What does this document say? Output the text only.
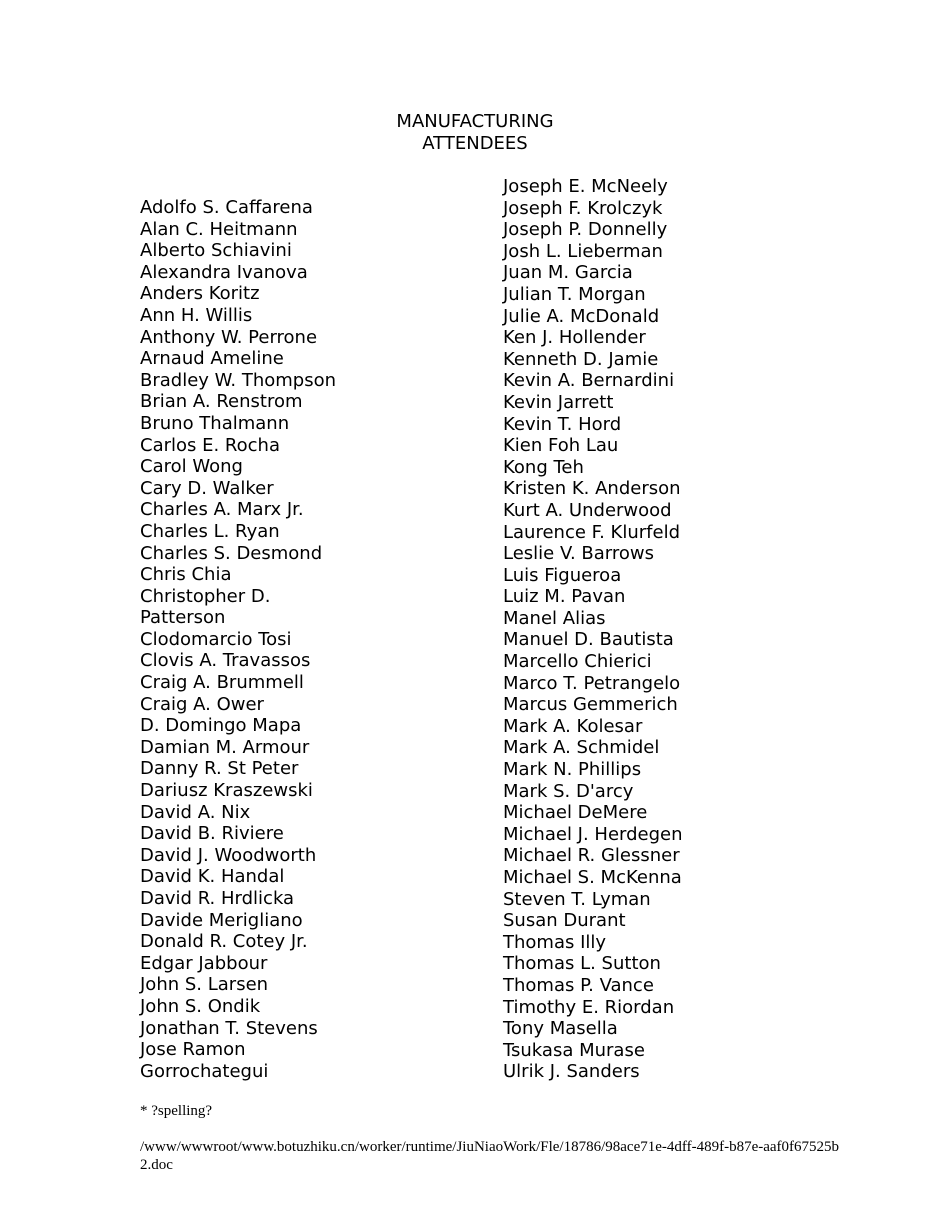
MANUFACTURING
ATTENDEES
Adolfo S. Caffarena
Alan C. Heitmann
Alberto Schiavini
Alexandra Ivanova
Anders Koritz
Ann H. Willis
Anthony W. Perrone
Arnaud Ameline
Bradley W. Thompson
Brian A. Renstrom
Bruno Thalmann
Carlos E. Rocha
Carol Wong
Cary D. Walker
Charles A. Marx Jr.
Charles L. Ryan
Charles S. Desmond
Chris Chia
Christopher D.
Patterson
Clodomarcio Tosi
Clovis A. Travassos
Craig A. Brummell
Craig A. Ower
D. Domingo Mapa
Damian M. Armour
Danny R. St Peter
Dariusz Kraszewski
David A. Nix
David B. Riviere
David J. Woodworth
David K. Handal
David R. Hrdlicka
Davide Merigliano
Donald R. Cotey Jr.
Edgar Jabbour
John S. Larsen
John S. Ondik
Jonathan T. Stevens
Jose Ramon
Gorrochategui
Joseph E. McNeely
Joseph F. Krolczyk
Joseph P. Donnelly
Josh L. Lieberman
Juan M. Garcia
Julian T. Morgan
Julie A. McDonald
Ken J. Hollender
Kenneth D. Jamie
Kevin A. Bernardini
Kevin Jarrett
Kevin T. Hord
Kien Foh Lau
Kong Teh
Kristen K. Anderson
Kurt A. Underwood
Laurence F. Klurfeld
Leslie V. Barrows
Luis Figueroa
Luiz M. Pavan
Manel Alias
Manuel D. Bautista
Marcello Chierici
Marco T. Petrangelo
Marcus Gemmerich
Mark A. Kolesar
Mark A. Schmidel
Mark N. Phillips
Mark S. D'arcy
Michael DeMere
Michael J. Herdegen
Michael R. Glessner
Michael S. McKenna
Steven T. Lyman
Susan Durant
Thomas Illy
Thomas L. Sutton
Thomas P. Vance
Timothy E. Riordan
Tony Masella
Tsukasa Murase
Ulrik J. Sanders
* ?spelling?
/www/wwwroot/www.botuzhiku.cn/worker/runtime/JiuNiaoWork/Fle/18786/98ace71e-4dff-489f-b87e-aaf0f67525b2.doc
